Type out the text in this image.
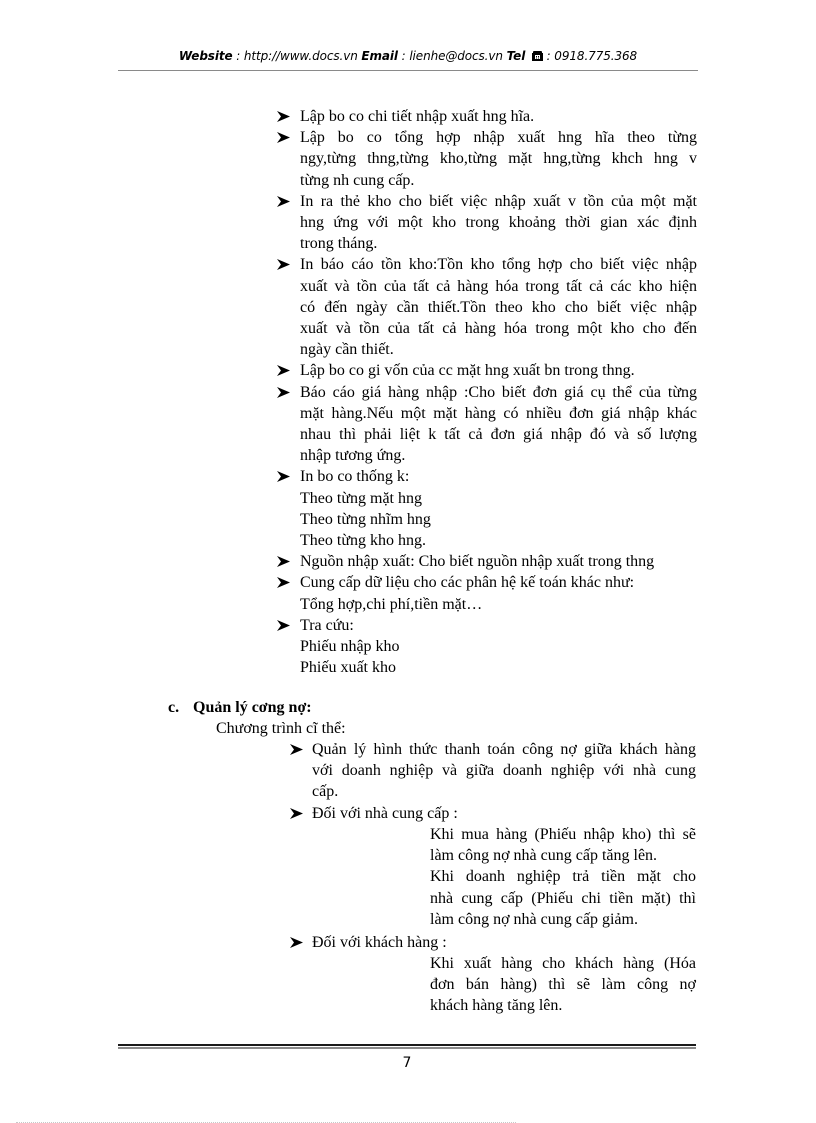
Website : http://www.docs.vn Email : lienhe@docs.vn Tel  : 0918.775.368
Lập bo co chi tiết nhập xuất hng hĩa.
Lập bo co tổng hợp nhập xuất hng hĩa theo từng
ngy,từng thng,từng kho,từng mặt hng,từng khch hng v
từng nh cung cấp.
In ra thẻ kho cho biết việc nhập xuất v tồn của một mặt
hng ứng với một kho trong khoảng thời gian xác định
trong tháng.
In báo cáo tồn kho:Tồn kho tổng hợp cho biết việc nhập
xuất và tồn của tất cả hàng hóa trong tất cả các kho hiện
có đến ngày cần thiết.Tồn theo kho cho biết việc nhập
xuất và tồn của tất cả hàng hóa trong một kho cho đến
ngày cần thiết.
Lập bo co gi vốn của cc mặt hng xuất bn trong thng.
Báo cáo giá hàng nhập :Cho biết đơn giá cụ thể của từng
mặt hàng.Nếu một mặt hàng có nhiều đơn giá nhập khác
nhau thì phải liệt k tất cả đơn giá nhập đó và số lượng
nhập tương ứng.
In bo co thống k:
Theo từng mặt hng
Theo từng nhĩm hng
Theo từng kho hng.
Nguồn nhập xuất: Cho biết nguồn nhập xuất trong thng
Cung cấp dữ liệu cho các phân hệ kế toán khác như:
Tổng hợp,chi phí,tiền mặt…
Tra cứu:
Phiếu nhập kho
Phiếu xuất kho
c. Quản lý cơng nợ:
Chương trình cĩ thể:
Quản lý hình thức thanh toán công nợ giữa khách hàng
với doanh nghiệp và giữa doanh nghiệp với nhà cung
cấp.
Đối với nhà cung cấp :
Khi mua hàng (Phiếu nhập kho) thì sẽ
làm công nợ nhà cung cấp tăng lên.
Khi doanh nghiệp trả tiền mặt cho
nhà cung cấp (Phiếu chi tiền mặt) thì
làm công nợ nhà cung cấp giảm.
Đối với khách hàng :
Khi xuất hàng cho khách hàng (Hóa
đơn bán hàng) thì sẽ làm công nợ
khách hàng tăng lên.
7
